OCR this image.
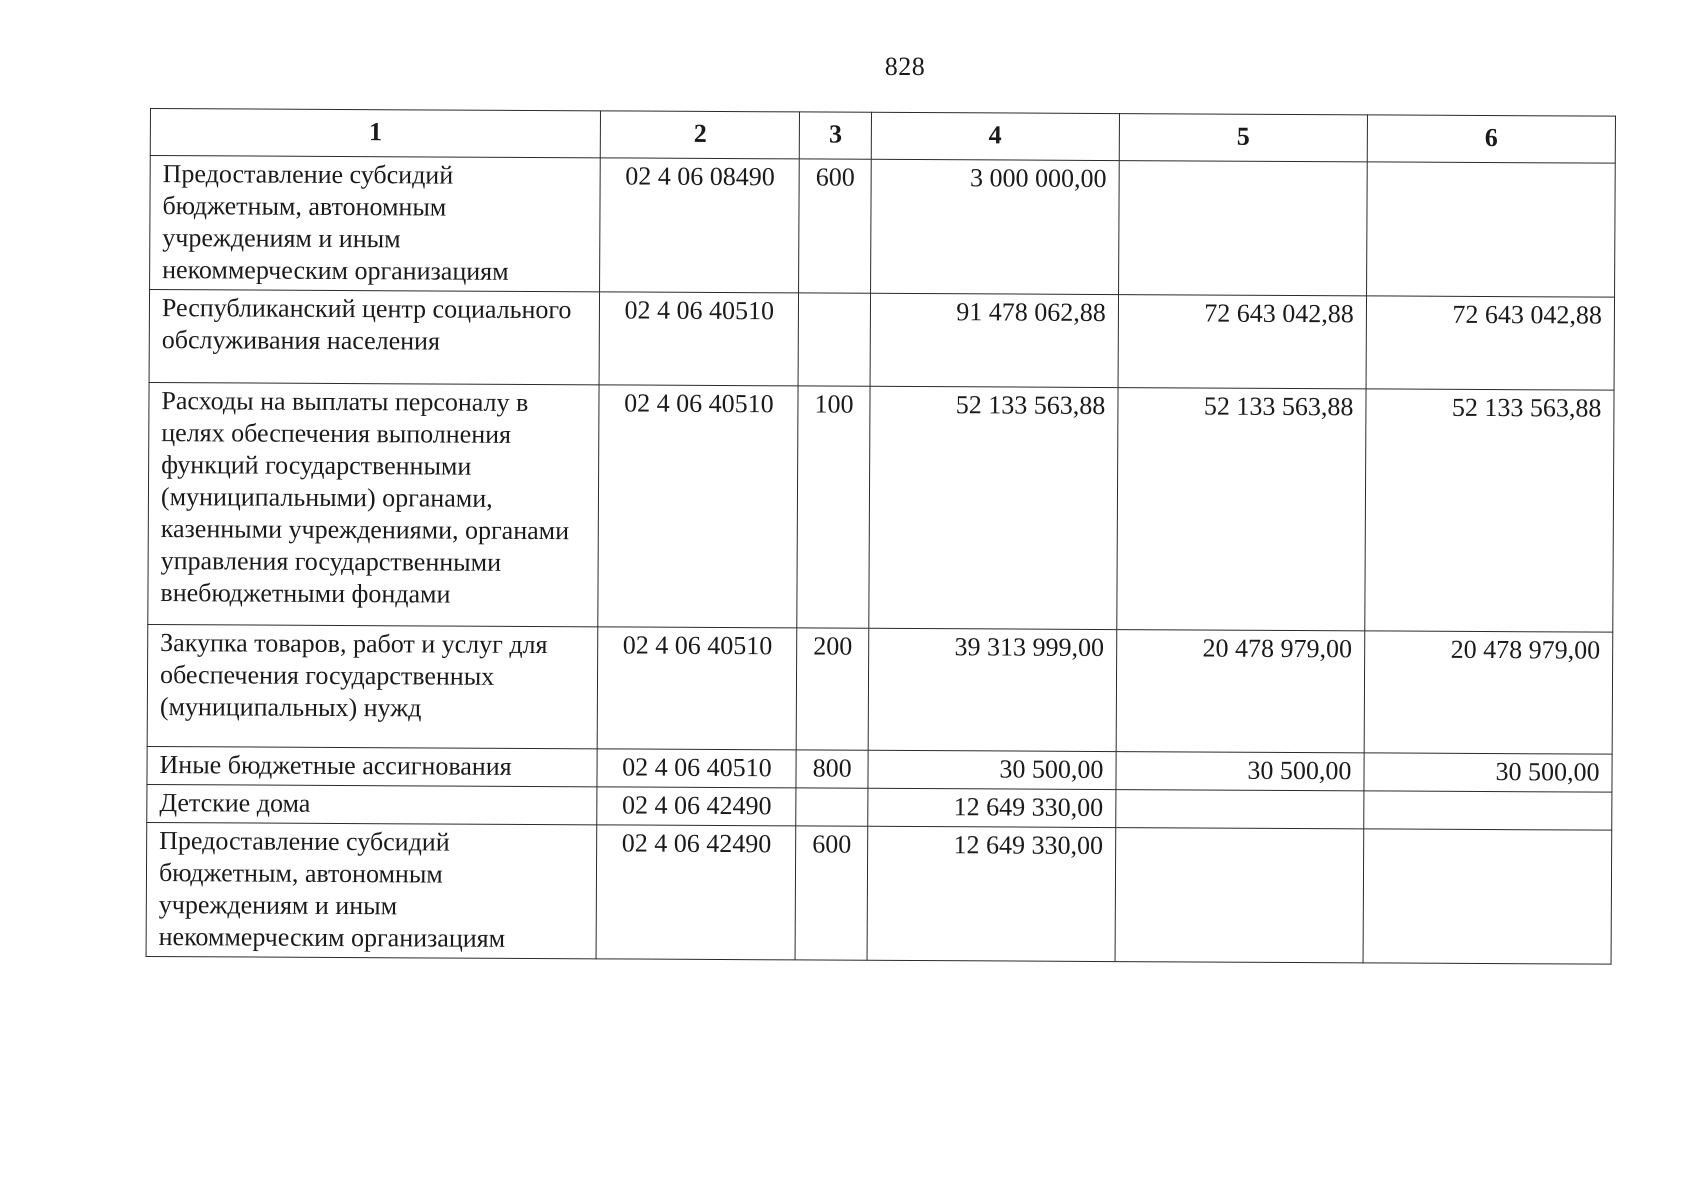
828
1	2	3	4	5	6
Предоставление субсидий бюджетным, автономным учреждениям и иным некоммерческим организациям	02 4 06 08490	600	3 000 000,00		
Республиканский центр социального обслуживания населения	02 4 06 40510		91 478 062,88	72 643 042,88	72 643 042,88
Расходы на выплаты персоналу в целях обеспечения выполнения функций государственными (муниципальными) органами, казенными учреждениями, органами управления государственными внебюджетными фондами	02 4 06 40510	100	52 133 563,88	52 133 563,88	52 133 563,88
Закупка товаров, работ и услуг для обеспечения государственных (муниципальных) нужд	02 4 06 40510	200	39 313 999,00	20 478 979,00	20 478 979,00
Иные бюджетные ассигнования	02 4 06 40510	800	30 500,00	30 500,00	30 500,00
Детские дома	02 4 06 42490		12 649 330,00		
Предоставление субсидий бюджетным, автономным учреждениям и иным некоммерческим организациям	02 4 06 42490	600	12 649 330,00		
